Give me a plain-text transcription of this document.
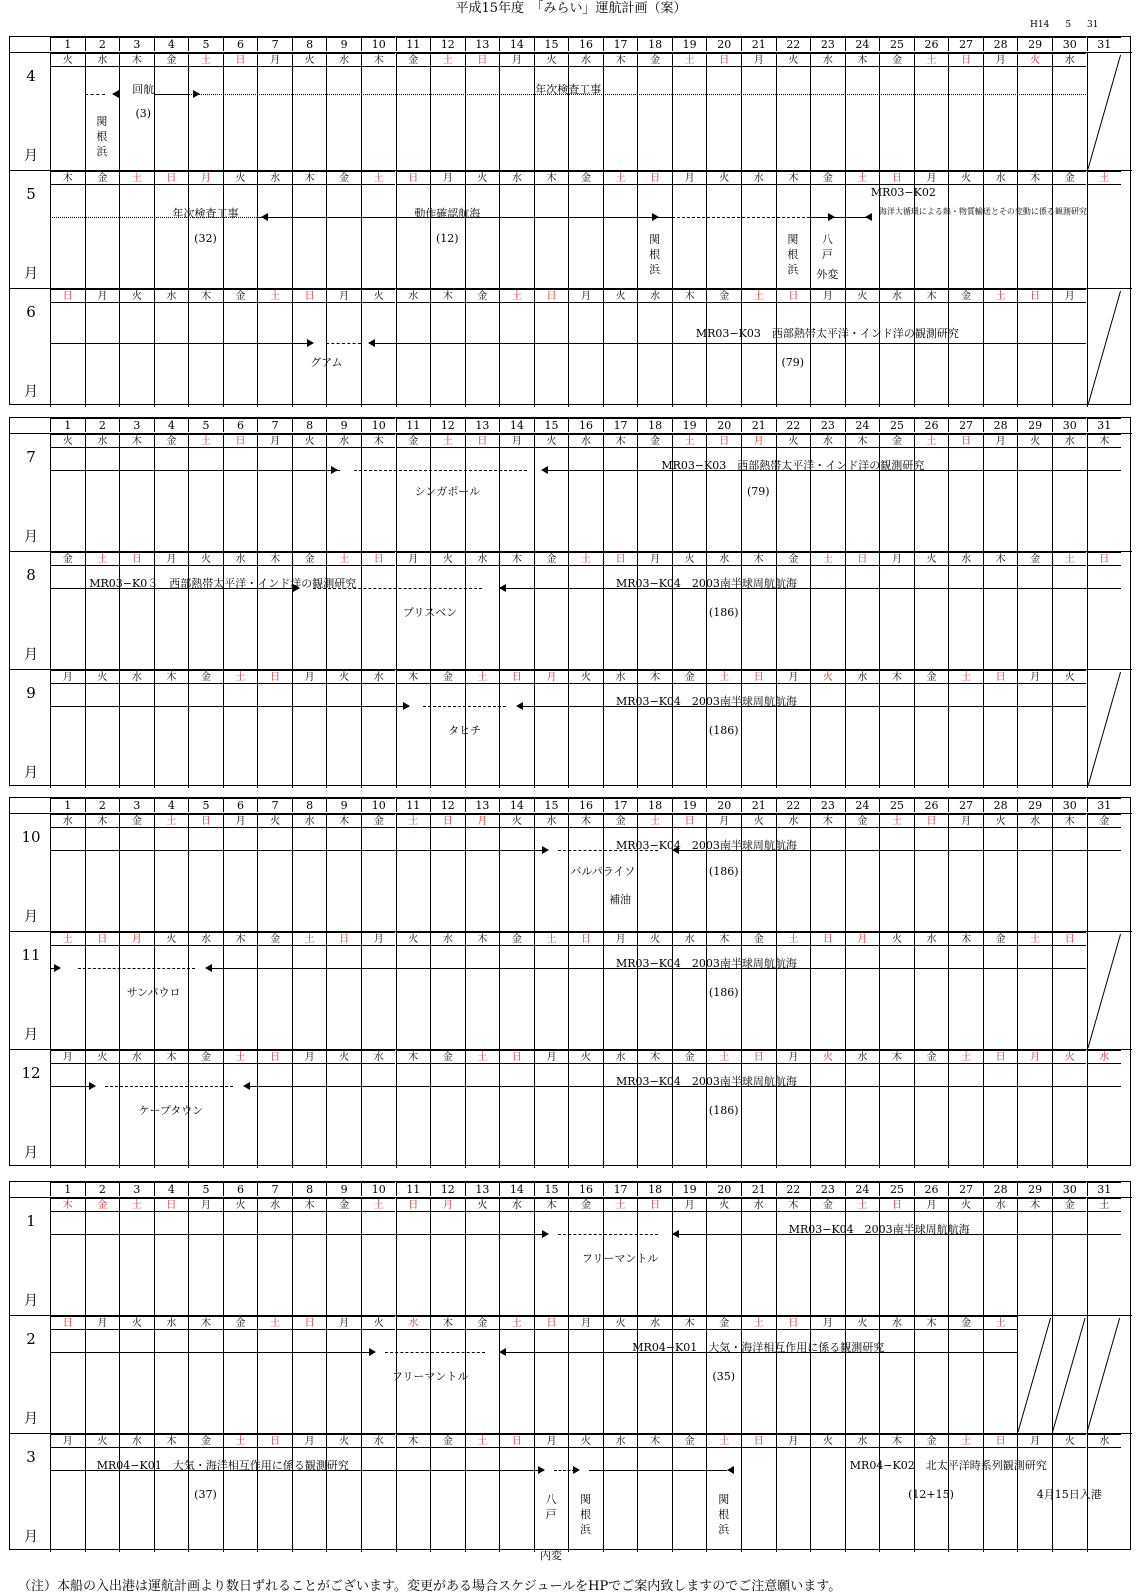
平成15年度　「みらい」運航計画（案）
H14 5 31
1	2	3	4	5	6	7	8	9	10	11	12	13	14	15	16	17	18	19	20	21	22	23	24	25	26	27	28	29	30	31
4
月
火	水	木	金	土	日	月	火	水	木	金	土	日	月	火	水	木	金	土	日	月	火	水	木	金	土	日	月	火	水
回航
(3)
年次検査工事
関根浜
5
月
木	金	土	日	月	火	水	木	金	土	日	月	火	水	木	金	土	日	月	火	水	木	金	土	日	月	火	水	木	金	土
年次検査工事
(32)
動作確認航海
(12)
MR03−K02
海洋大循環による熱・物質輸送とその変動に係る観測研究
関根浜
関根浜
八戸
外変
6
月
日	月	火	水	木	金	土	日	月	火	水	木	金	土	日	月	火	水	木	金	土	日	月	火	水	木	金	土	日	月
MR03−K03　西部熱帯太平洋・インド洋の観測研究
グアム	(79)
1	2	3	4	5	6	7	8	9	10	11	12	13	14	15	16	17	18	19	20	21	22	23	24	25	26	27	28	29	30	31
7
月
火	水	木	金	土	日	月	火	水	木	金	土	日	月	火	水	木	金	土	日	月	火	水	木	金	土	日	月	火	水	木
MR03−K03　西部熱帯太平洋・インド洋の観測研究
シンガポール	(79)
8
月
金	土	日	月	火	水	木	金	土	日	月	火	水	木	金	土	日	月	火	水	木	金	土	日	月	火	水	木	金	土	日
MR03−K0３　西部熱帯太平洋・インド洋の観測研究	MR03−K04　2003南半球周航航海
ブリスベン	(186)
9
月
月	火	水	木	金	土	日	月	火	水	木	金	土	日	月	火	水	木	金	土	日	月	火	水	木	金	土	日	月	火
MR03−K04　2003南半球周航航海
タヒチ	(186)
1	2	3	4	5	6	7	8	9	10	11	12	13	14	15	16	17	18	19	20	21	22	23	24	25	26	27	28	29	30	31
10
月
水	木	金	土	日	月	火	水	木	金	土	日	月	火	水	木	金	土	日	月	火	水	木	金	土	日	月	火	水	木	金
MR03−K04　2003南半球周航航海
バルパライソ	(186)
補油
11
月
土	日	月	火	水	木	金	土	日	月	火	水	木	金	土	日	月	火	水	木	金	土	日	月	火	水	木	金	土	日
MR03−K04　2003南半球周航航海
サンパウロ	(186)
12
月
月	火	水	木	金	土	日	月	火	水	木	金	土	日	月	火	水	木	金	土	日	月	火	水	木	金	土	日	月	火	水
MR03−K04　2003南半球周航航海
ケープタウン	(186)
1	2	3	4	5	6	7	8	9	10	11	12	13	14	15	16	17	18	19	20	21	22	23	24	25	26	27	28	29	30	31
1
月
木	金	土	日	月	火	水	木	金	土	日	月	火	水	木	金	土	日	月	火	水	木	金	土	日	月	火	水	木	金	土
MR03−K04　2003南半球周航航海
フリーマントル
2
月
日	月	火	水	木	金	土	日	月	火	水	木	金	土	日	月	火	水	木	金	土	日	月	火	水	木	金	土
MR04−K01　大気・海洋相互作用に係る観測研究
フリーマントル	(35)
3
月
月	火	水	木	金	土	日	月	火	水	木	金	土	日	月	火	水	木	金	土	日	月	火	水	木	金	土	日	月	火	水
MR04−K01　大気・海洋相互作用に係る観測研究	MR04−K02　北太平洋時系列観測研究
(37)	(12+15)	4月15日入港
八戸
関根浜
関根浜
内変
（注）本船の入出港は運航計画より数日ずれることがございます。変更がある場合スケジュールをHPでご案内致しますのでご注意願います。
